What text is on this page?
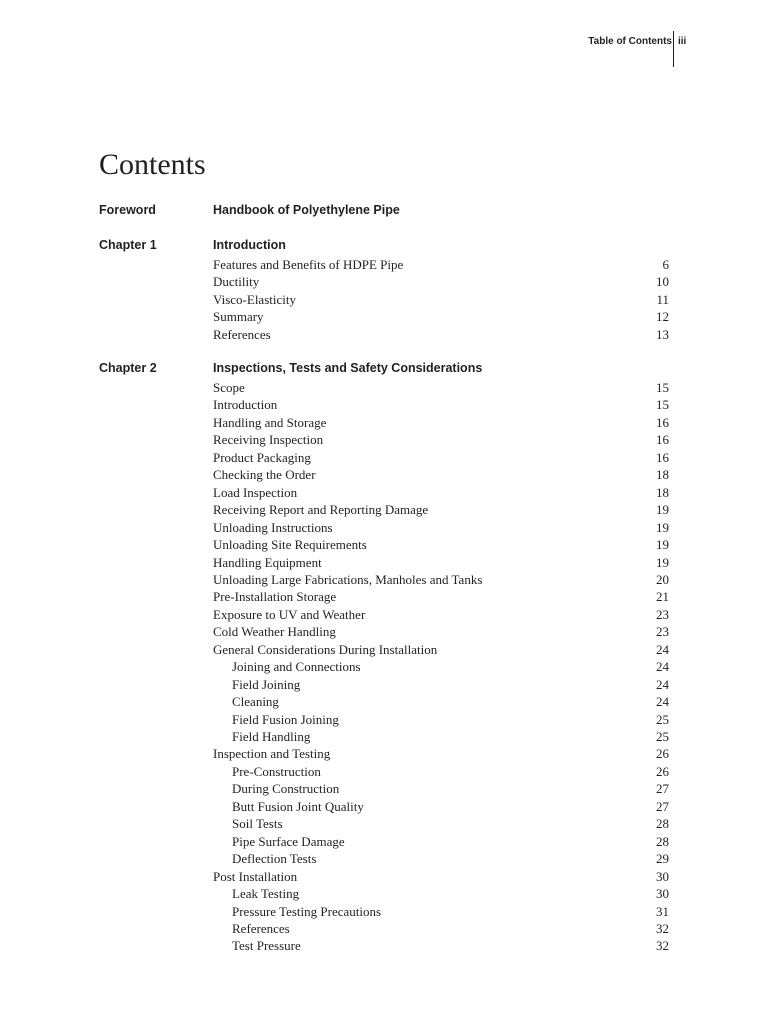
Table of Contents iii
Contents
Foreword	Handbook of Polyethylene Pipe
Chapter 1	Introduction
Features and Benefits of HDPE Pipe	6
Ductility	10
Visco-Elasticity	11
Summary	12
References	13
Chapter 2	Inspections, Tests and Safety Considerations
Scope	15
Introduction	15
Handling and Storage	16
Receiving Inspection	16
Product Packaging	16
Checking the Order	18
Load Inspection	18
Receiving Report and Reporting Damage	19
Unloading Instructions	19
Unloading Site Requirements	19
Handling Equipment	19
Unloading Large Fabrications, Manholes and Tanks	20
Pre-Installation Storage	21
Exposure to UV and Weather	23
Cold Weather Handling	23
General Considerations During Installation	24
Joining and Connections	24
Field Joining	24
Cleaning	24
Field Fusion Joining	25
Field Handling	25
Inspection and Testing	26
Pre-Construction	26
During Construction	27
Butt Fusion Joint Quality	27
Soil Tests	28
Pipe Surface Damage	28
Deflection Tests	29
Post Installation	30
Leak Testing	30
Pressure Testing Precautions	31
References	32
Test Pressure	32
